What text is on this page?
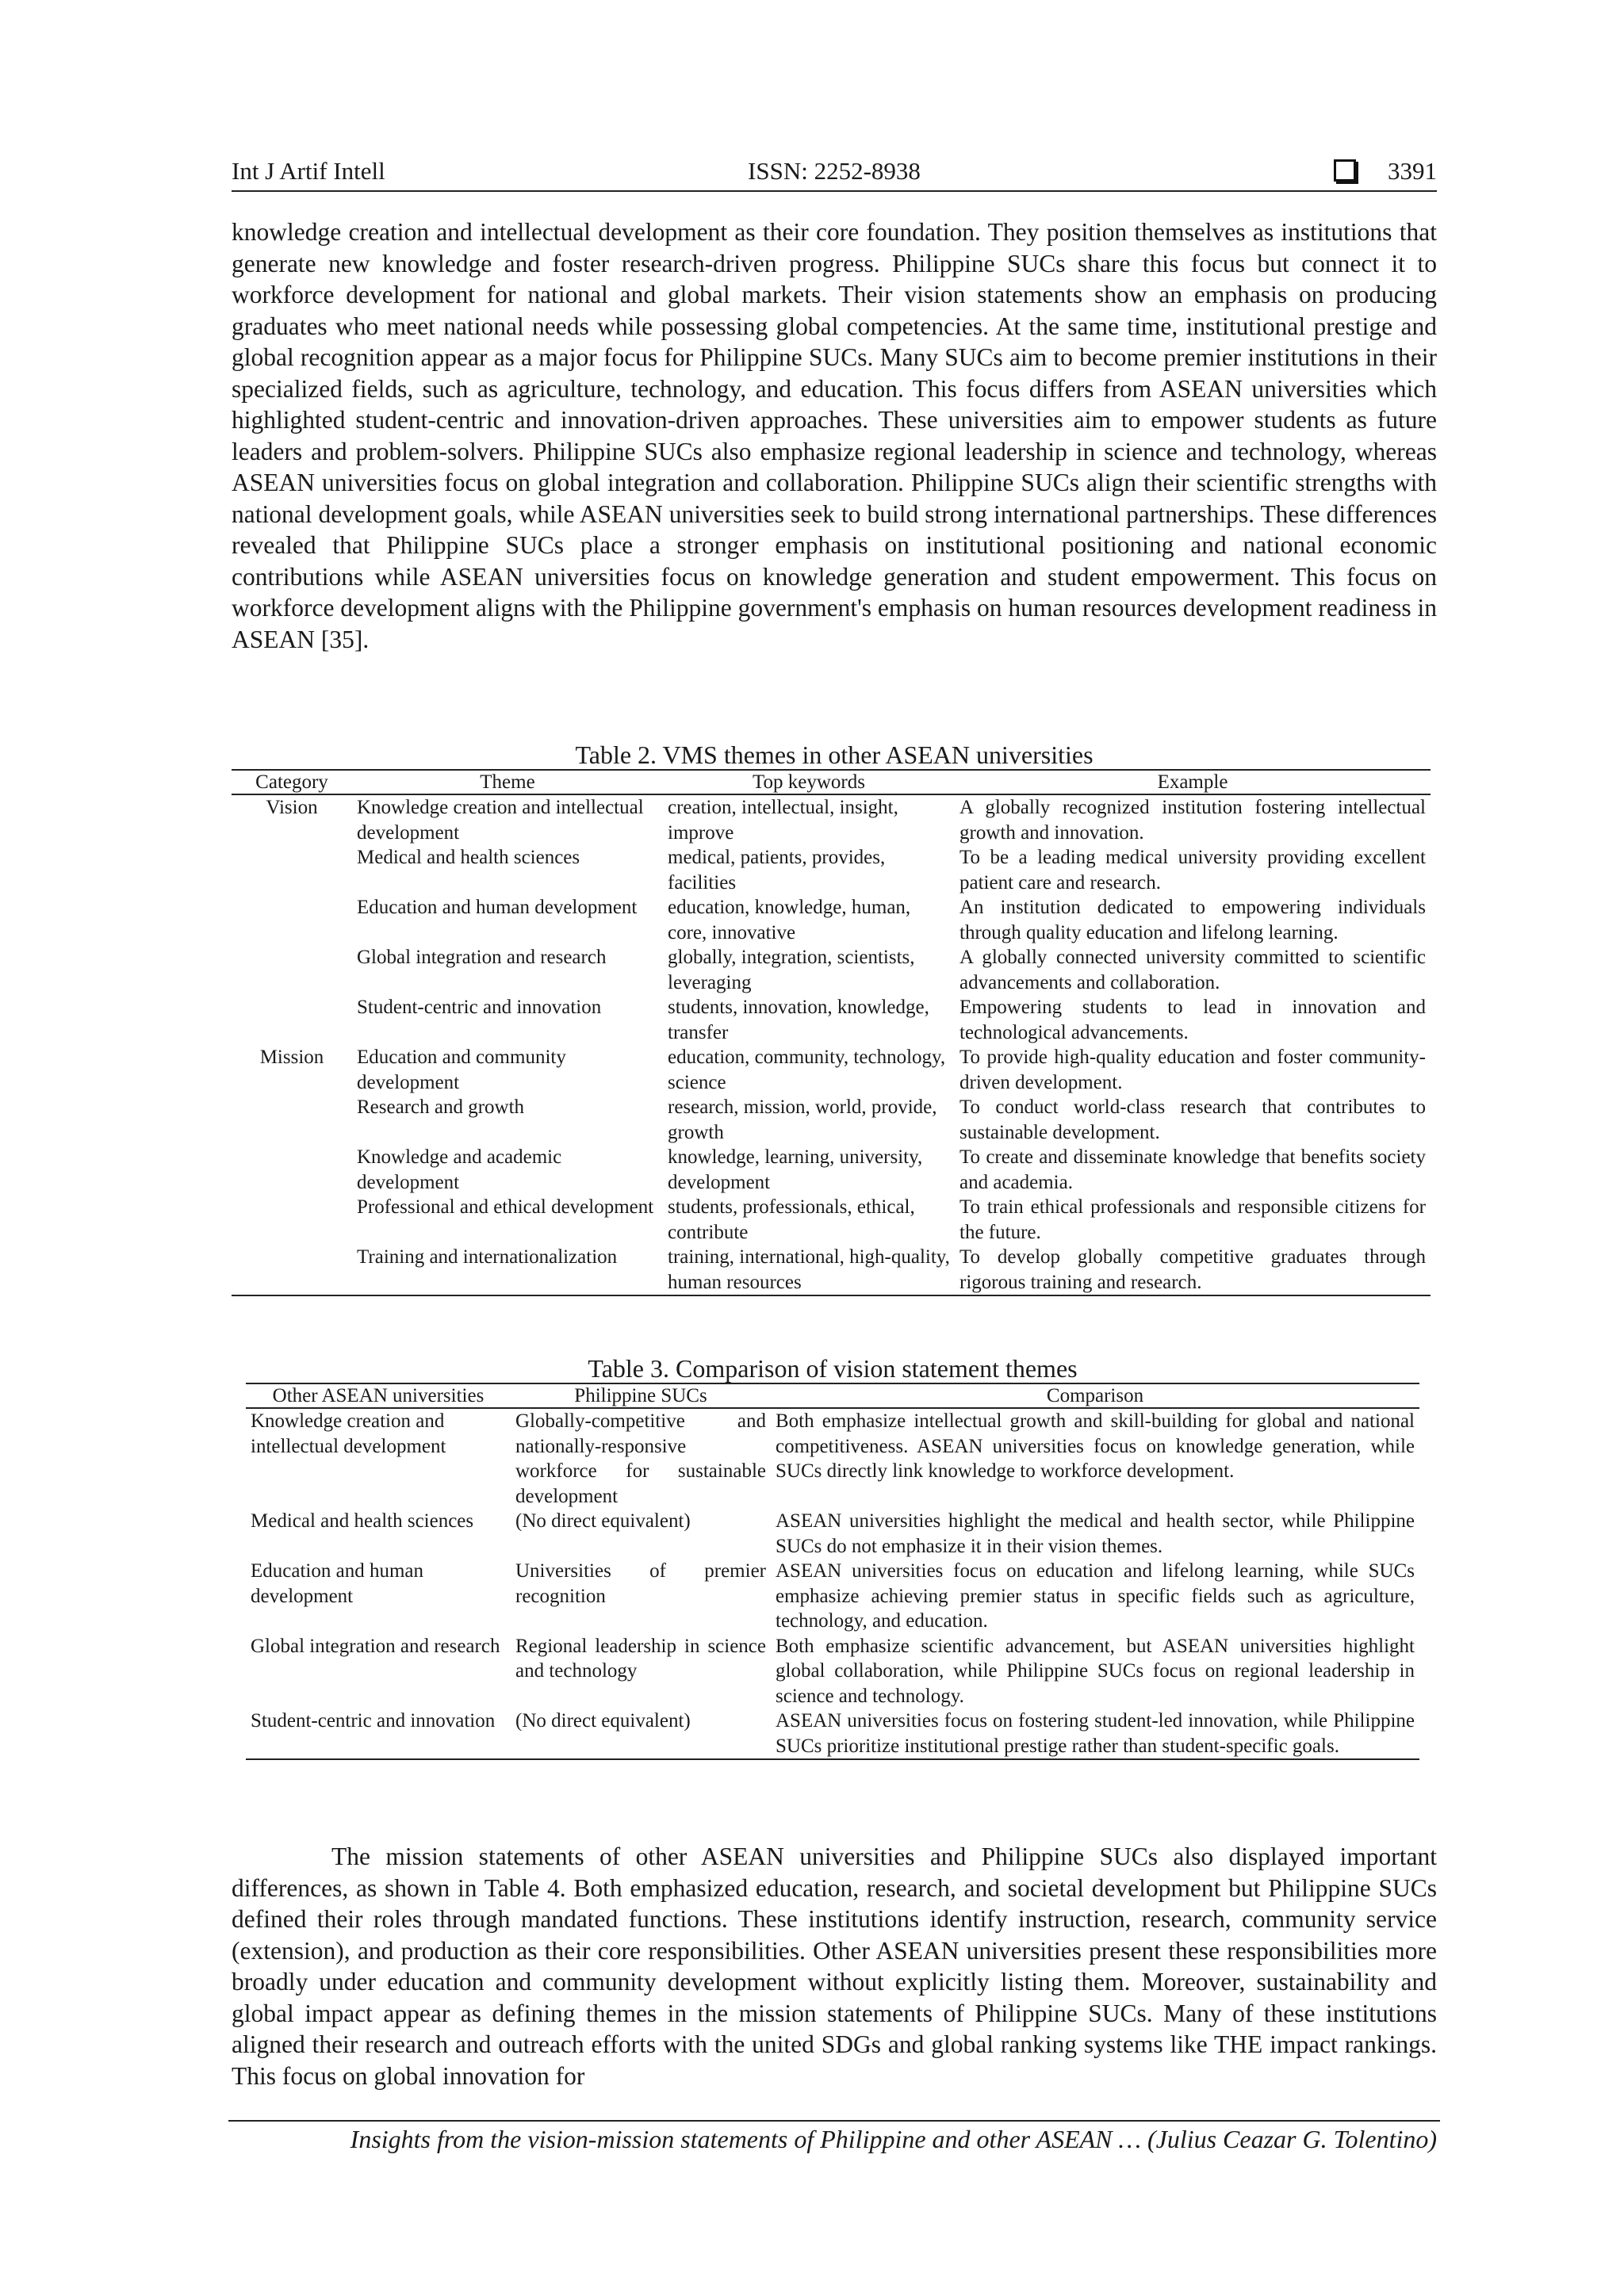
Int J Artif Intell	ISSN: 2252-8938	3391

knowledge creation and intellectual development as their core foundation. They position themselves as institutions that generate new knowledge and foster research-driven progress. Philippine SUCs share this focus but connect it to workforce development for national and global markets. Their vision statements show an emphasis on producing graduates who meet national needs while possessing global competencies. At the same time, institutional prestige and global recognition appear as a major focus for Philippine SUCs. Many SUCs aim to become premier institutions in their specialized fields, such as agriculture, technology, and education. This focus differs from ASEAN universities which highlighted student-centric and innovation-driven approaches. These universities aim to empower students as future leaders and problem-solvers. Philippine SUCs also emphasize regional leadership in science and technology, whereas ASEAN universities focus on global integration and collaboration. Philippine SUCs align their scientific strengths with national development goals, while ASEAN universities seek to build strong international partnerships. These differences revealed that Philippine SUCs place a stronger emphasis on institutional positioning and national economic contributions while ASEAN universities focus on knowledge generation and student empowerment. This focus on workforce development aligns with the Philippine government's emphasis on human resources development readiness in ASEAN [35].

Table 2. VMS themes in other ASEAN universities
Category	Theme	Top keywords	Example
Vision	Knowledge creation and intellectual development	creation, intellectual, insight, improve	A globally recognized institution fostering intellectual growth and innovation.
	Medical and health sciences	medical, patients, provides, facilities	To be a leading medical university providing excellent patient care and research.
	Education and human development	education, knowledge, human, core, innovative	An institution dedicated to empowering individuals through quality education and lifelong learning.
	Global integration and research	globally, integration, scientists, leveraging	A globally connected university committed to scientific advancements and collaboration.
	Student-centric and innovation	students, innovation, knowledge, transfer	Empowering students to lead in innovation and technological advancements.
Mission	Education and community development	education, community, technology, science	To provide high-quality education and foster community-driven development.
	Research and growth	research, mission, world, provide, growth	To conduct world-class research that contributes to sustainable development.
	Knowledge and academic development	knowledge, learning, university, development	To create and disseminate knowledge that benefits society and academia.
	Professional and ethical development	students, professionals, ethical, contribute	To train ethical professionals and responsible citizens for the future.
	Training and internationalization	training, international, high-quality, human resources	To develop globally competitive graduates through rigorous training and research.
Table 3. Comparison of vision statement themes
Other ASEAN universities	Philippine SUCs	Comparison
Knowledge creation and intellectual development	Globally-competitive and nationally-responsive workforce for sustainable development	Both emphasize intellectual growth and skill-building for global and national competitiveness. ASEAN universities focus on knowledge generation, while SUCs directly link knowledge to workforce development.
Medical and health sciences	(No direct equivalent)	ASEAN universities highlight the medical and health sector, while Philippine SUCs do not emphasize it in their vision themes.
Education and human development	Universities of premier recognition	ASEAN universities focus on education and lifelong learning, while SUCs emphasize achieving premier status in specific fields such as agriculture, technology, and education.
Global integration and research	Regional leadership in science and technology	Both emphasize scientific advancement, but ASEAN universities highlight global collaboration, while Philippine SUCs focus on regional leadership in science and technology.
Student-centric and innovation	(No direct equivalent)	ASEAN universities focus on fostering student-led innovation, while Philippine SUCs prioritize institutional prestige rather than student-specific goals.

The mission statements of other ASEAN universities and Philippine SUCs also displayed important differences, as shown in Table 4. Both emphasized education, research, and societal development but Philippine SUCs defined their roles through mandated functions. These institutions identify instruction, research, community service (extension), and production as their core responsibilities. Other ASEAN universities present these responsibilities more broadly under education and community development without explicitly listing them. Moreover, sustainability and global impact appear as defining themes in the mission statements of Philippine SUCs. Many of these institutions aligned their research and outreach efforts with the united SDGs and global ranking systems like THE impact rankings. This focus on global innovation for

Insights from the vision-mission statements of Philippine and other ASEAN … (Julius Ceazar G. Tolentino)
